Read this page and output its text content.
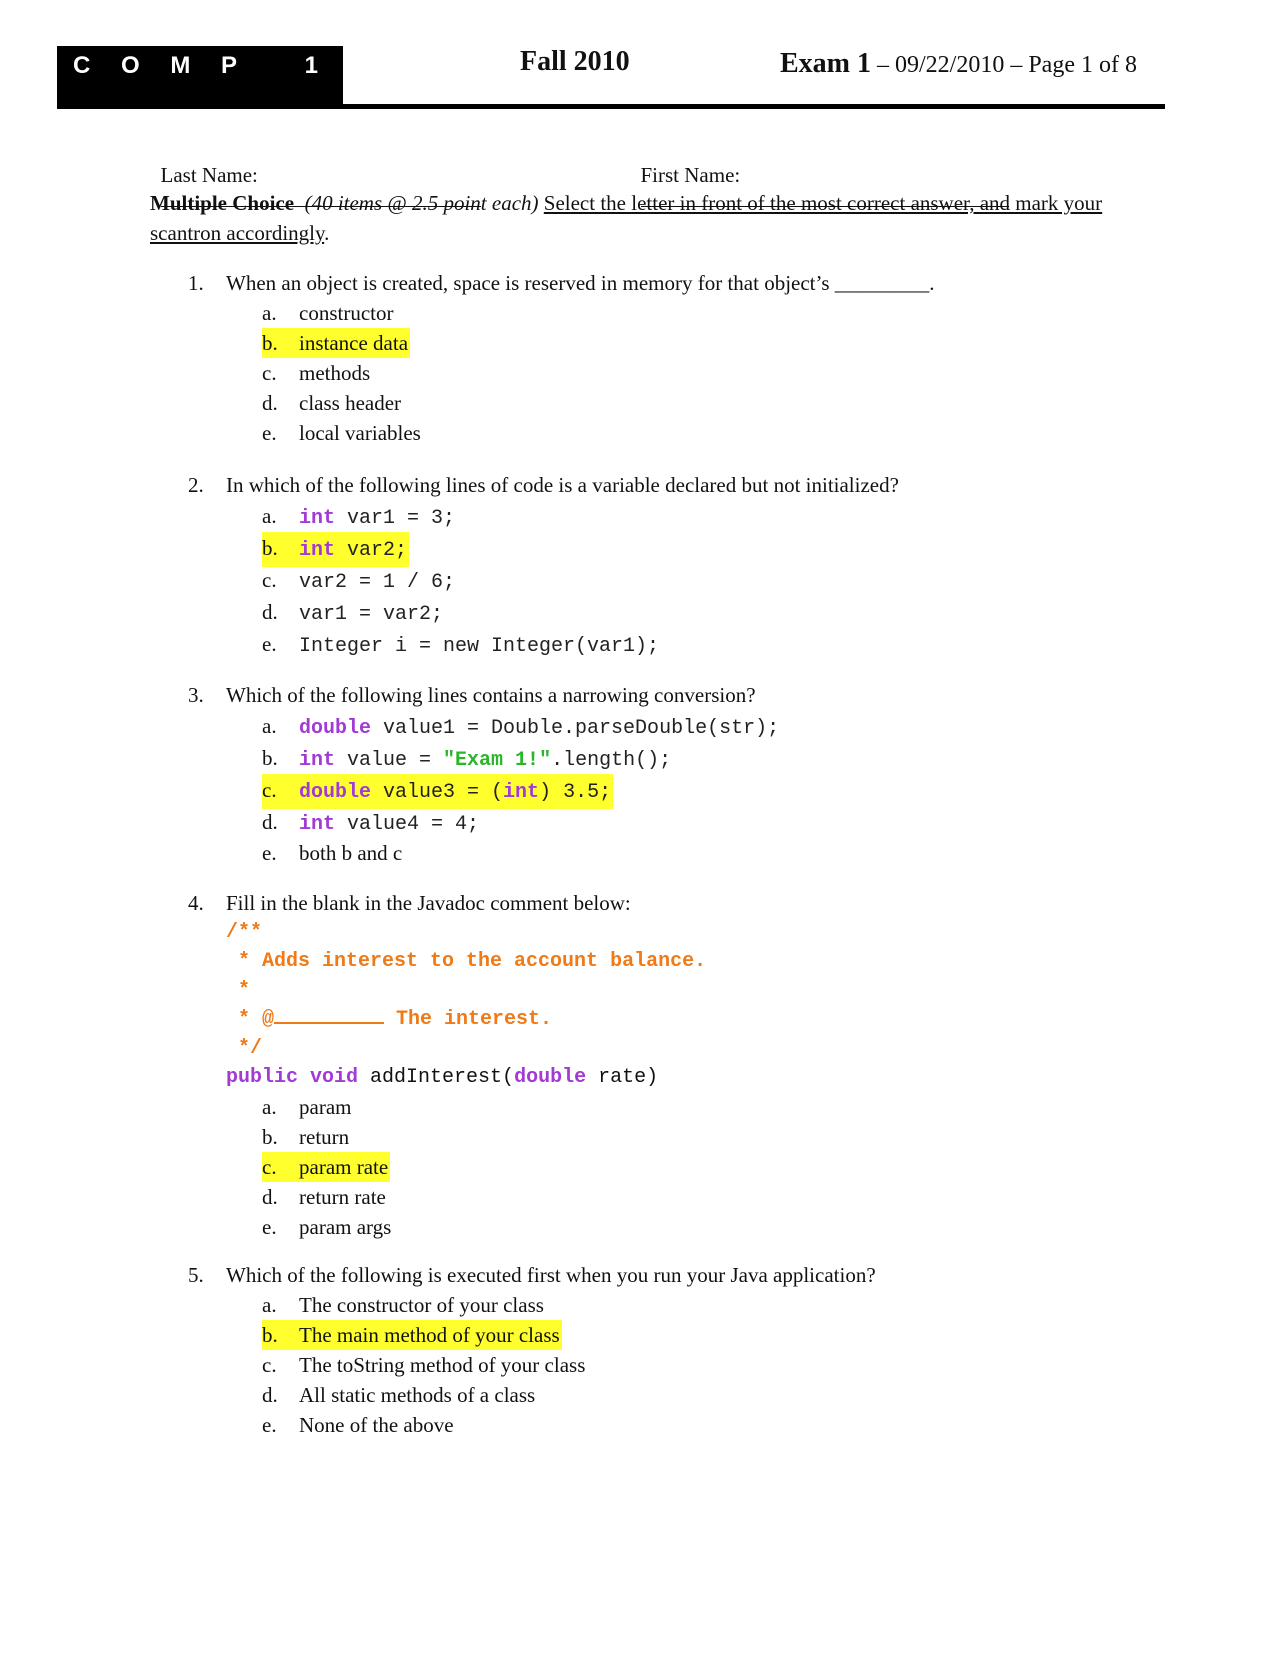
C O M P   1 2 1 0 Fall 2010	Exam 1 – 09/22/2010 – Page 1 of 8

Last Name:
	First Name:

Multiple Choice (40 items @ 2.5 point each) Select the letter in front of the most correct answer, and mark your scantron accordingly.
1. When an object is created, space is reserved in memory for that object’s _________.
a. constructor
b. instance data
c. methods
d. class header
e. local variables
2. In which of the following lines of code is a variable declared but not initialized?
a. int var1 = 3;
b. int var2;
c. var2 = 1 / 6;
d. var1 = var2;
e. Integer i = new Integer(var1);
3. Which of the following lines contains a narrowing conversion?
a. double value1 = Double.parseDouble(str);
b. int value = "Exam 1!".length();
c. double value3 = (int) 3.5;
d. int value4 = 4;
e. both b and c
4. Fill in the blank in the Javadoc comment below:
/**
* Adds interest to the account balance.
*
* @	The interest.
*/
public void addInterest(double rate)
a. param
b. return
c. param rate
d. return rate
e. param args
5. Which of the following is executed first when you run your Java application?
a. The constructor of your class
b. The main method of your class
c. The toString method of your class
d. All static methods of a class
e. None of the above
